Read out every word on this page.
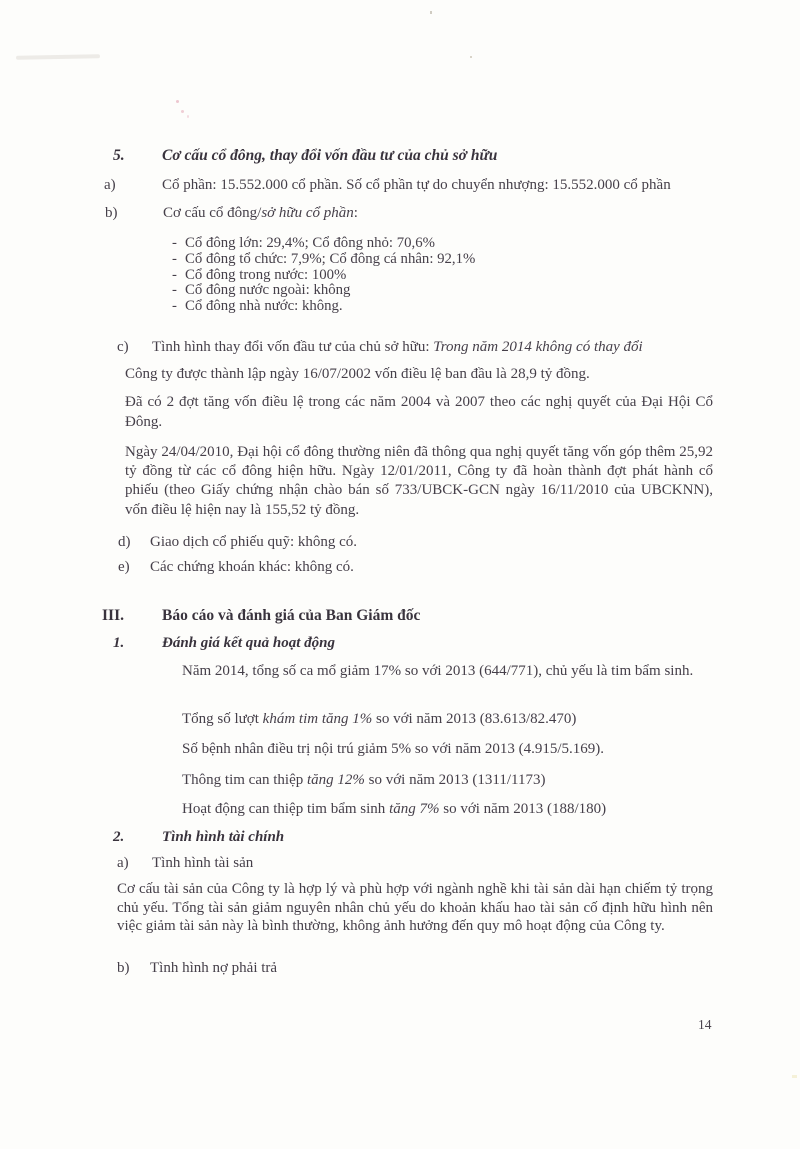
5. Cơ cấu cổ đông, thay đổi vốn đầu tư của chủ sở hữu
a)	Cổ phần: 15.552.000 cổ phần. Số cổ phần tự do chuyển nhượng: 15.552.000 cổ phần
b)	Cơ cấu cổ đông/sở hữu cổ phần:
- Cổ đông lớn: 29,4%; Cổ đông nhỏ: 70,6%
- Cổ đông tổ chức: 7,9%; Cổ đông cá nhân: 92,1%
- Cổ đông trong nước: 100%
- Cổ đông nước ngoài: không
- Cổ đông nhà nước: không.
c) Tình hình thay đổi vốn đầu tư của chủ sở hữu: Trong năm 2014 không có thay đổi
Công ty được thành lập ngày 16/07/2002 vốn điều lệ ban đầu là 28,9 tỷ đồng.
Đã có 2 đợt tăng vốn điều lệ trong các năm 2004 và 2007 theo các nghị quyết của Đại Hội Cổ Đông.
Ngày 24/04/2010, Đại hội cổ đông thường niên đã thông qua nghị quyết tăng vốn góp thêm 25,92 tỷ đồng từ các cổ đông hiện hữu. Ngày 12/01/2011, Công ty đã hoàn thành đợt phát hành cổ phiếu (theo Giấy chứng nhận chào bán số 733/UBCK-GCN ngày 16/11/2010 của UBCKNN), vốn điều lệ hiện nay là 155,52 tỷ đồng.
d) Giao dịch cổ phiếu quỹ: không có.
e) Các chứng khoán khác: không có.
III. Báo cáo và đánh giá của Ban Giám đốc
1.	Đánh giá kết quả hoạt động
Năm 2014, tổng số ca mổ giảm 17% so với 2013 (644/771), chủ yếu là tim bẩm sinh.
Tổng số lượt khám tim tăng 1% so với năm 2013 (83.613/82.470)
Số bệnh nhân điều trị nội trú giảm 5% so với năm 2013 (4.915/5.169).
Thông tim can thiệp tăng 12% so với năm 2013 (1311/1173)
Hoạt động can thiệp tim bẩm sinh tăng 7% so với năm 2013 (188/180)
2.	Tình hình tài chính
a) Tình hình tài sản
Cơ cấu tài sản của Công ty là hợp lý và phù hợp với ngành nghề khi tài sản dài hạn chiếm tỷ trọng chủ yếu. Tổng tài sản giảm nguyên nhân chủ yếu do khoản khấu hao tài sản cố định hữu hình nên việc giảm tài sản này là bình thường, không ảnh hưởng đến quy mô hoạt động của Công ty.
b) Tình hình nợ phải trả
14
